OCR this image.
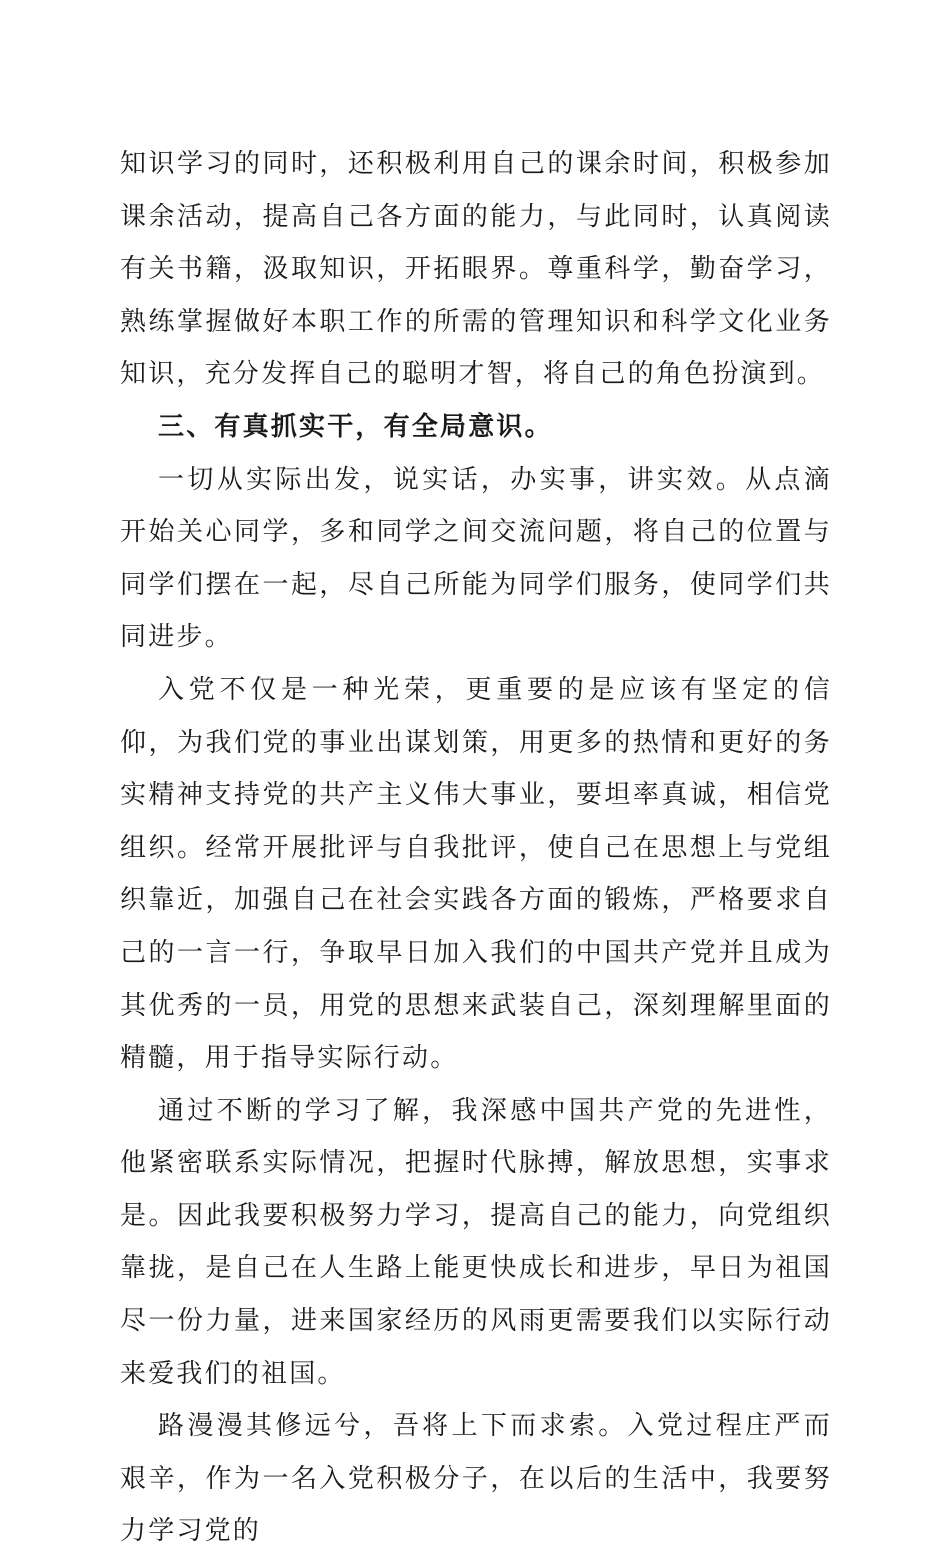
知识学习的同时，还积极利用自己的课余时间，积极参加课余活动，提高自己各方面的能力，与此同时，认真阅读有关书籍，汲取知识，开拓眼界。尊重科学，勤奋学习，熟练掌握做好本职工作的所需的管理知识和科学文化业务知识，充分发挥自己的聪明才智，将自己的角色扮演到。

三、有真抓实干，有全局意识。

一切从实际出发，说实话，办实事，讲实效。从点滴开始关心同学，多和同学之间交流问题，将自己的位置与同学们摆在一起，尽自己所能为同学们服务，使同学们共同进步。

入党不仅是一种光荣，更重要的是应该有坚定的信仰，为我们党的事业出谋划策，用更多的热情和更好的务实精神支持党的共产主义伟大事业，要坦率真诚，相信党组织。经常开展批评与自我批评，使自己在思想上与党组织靠近，加强自己在社会实践各方面的锻炼，严格要求自己的一言一行，争取早日加入我们的中国共产党并且成为其优秀的一员，用党的思想来武装自己，深刻理解里面的精髓，用于指导实际行动。

通过不断的学习了解，我深感中国共产党的先进性，他紧密联系实际情况，把握时代脉搏，解放思想，实事求是。因此我要积极努力学习，提高自己的能力，向党组织靠拢，是自己在人生路上能更快成长和进步，早日为祖国尽一份力量，进来国家经历的风雨更需要我们以实际行动来爱我们的祖国。

路漫漫其修远兮，吾将上下而求索。入党过程庄严而艰辛，作为一名入党积极分子，在以后的生活中，我要努力学习党的
